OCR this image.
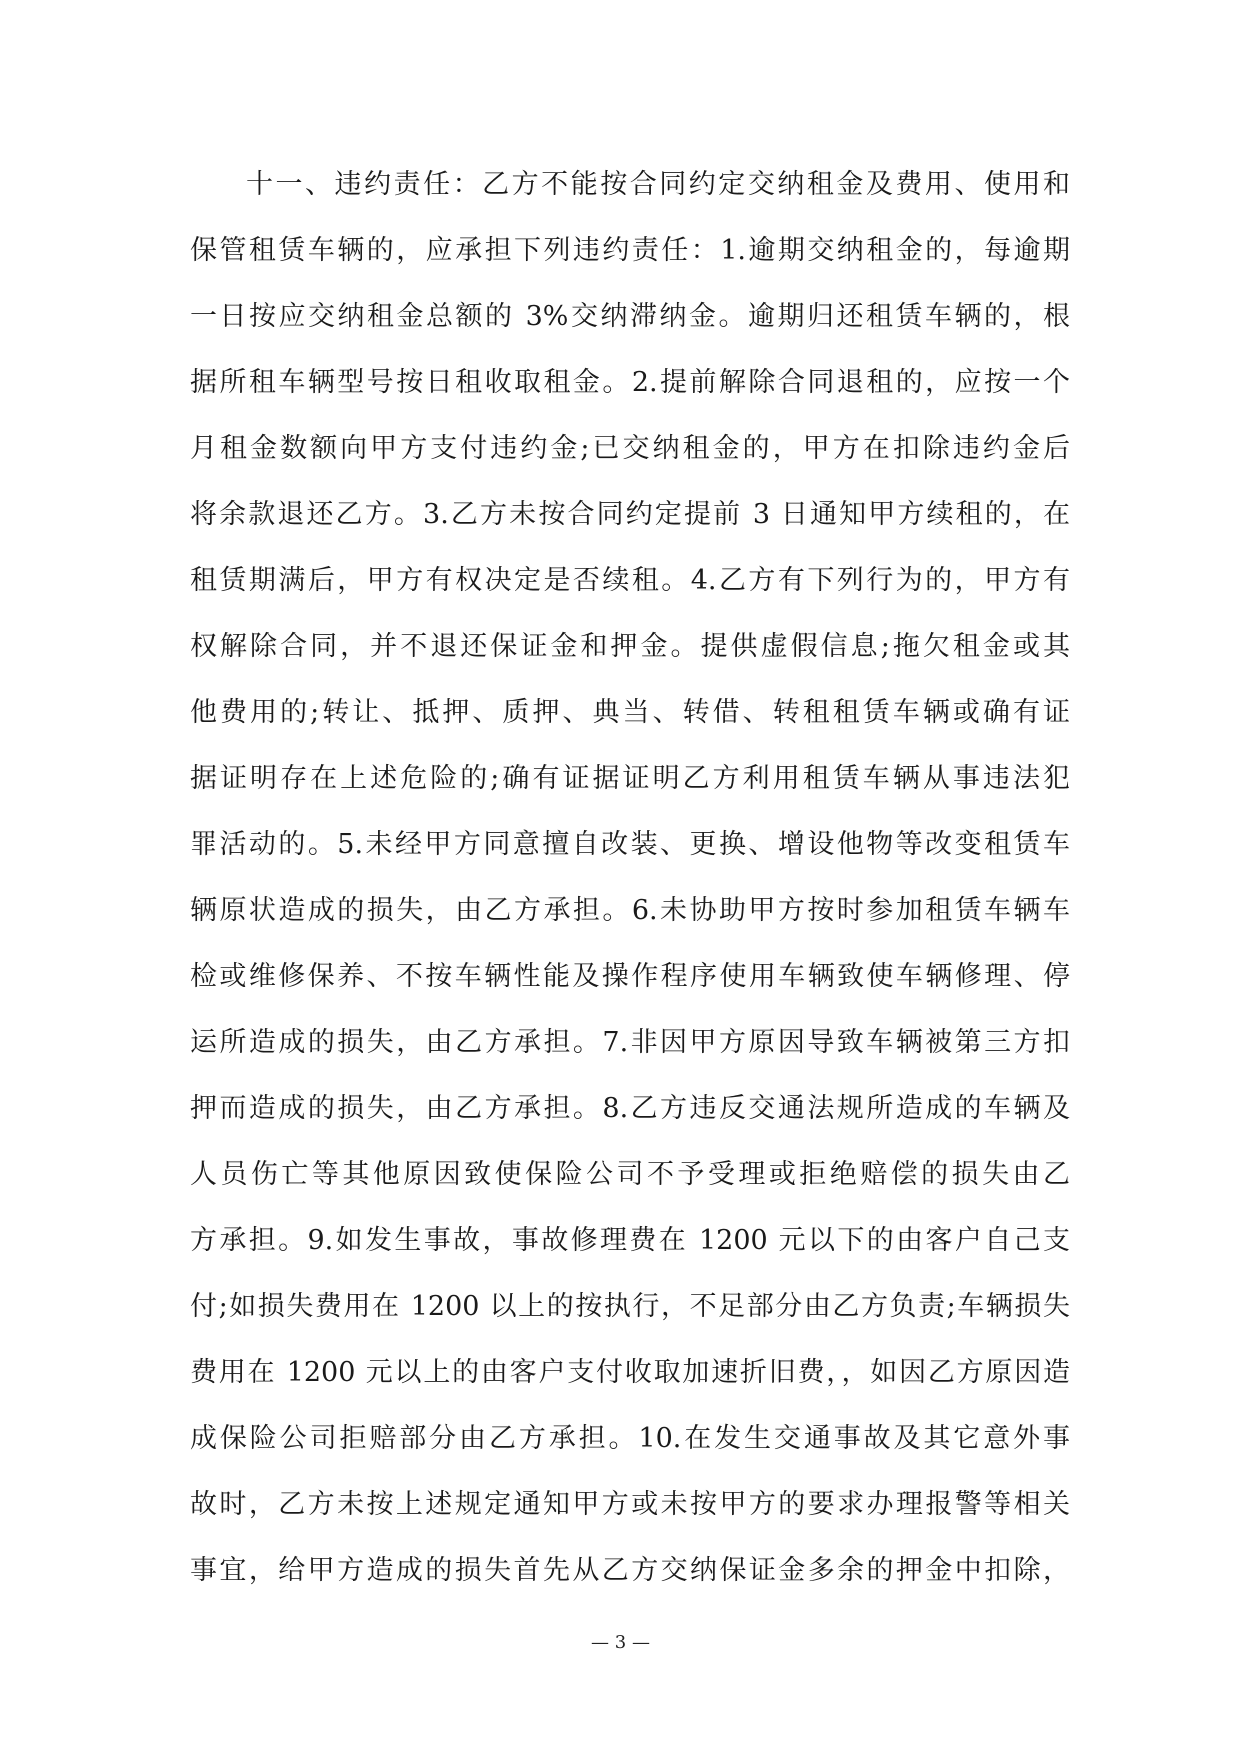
十一、违约责任：乙方不能按合同约定交纳租金及费用、使用和
保管租赁车辆的，应承担下列违约责任：1.逾期交纳租金的，每逾期
一日按应交纳租金总额的 3%交纳滞纳金。逾期归还租赁车辆的，根
据所租车辆型号按日租收取租金。2.提前解除合同退租的，应按一个
月租金数额向甲方支付违约金;已交纳租金的，甲方在扣除违约金后
将余款退还乙方。3.乙方未按合同约定提前 3 日通知甲方续租的，在
租赁期满后，甲方有权决定是否续租。4.乙方有下列行为的，甲方有
权解除合同，并不退还保证金和押金。提供虚假信息;拖欠租金或其
他费用的;转让、抵押、质押、典当、转借、转租租赁车辆或确有证
据证明存在上述危险的;确有证据证明乙方利用租赁车辆从事违法犯
罪活动的。5.未经甲方同意擅自改装、更换、增设他物等改变租赁车
辆原状造成的损失，由乙方承担。6.未协助甲方按时参加租赁车辆车
检或维修保养、不按车辆性能及操作程序使用车辆致使车辆修理、停
运所造成的损失，由乙方承担。7.非因甲方原因导致车辆被第三方扣
押而造成的损失，由乙方承担。8.乙方违反交通法规所造成的车辆及
人员伤亡等其他原因致使保险公司不予受理或拒绝赔偿的损失由乙
方承担。9.如发生事故，事故修理费在 1200 元以下的由客户自己支
付;如损失费用在 1200 以上的按执行，不足部分由乙方负责;车辆损失
费用在 1200 元以上的由客户支付收取加速折旧费，，如因乙方原因造
成保险公司拒赔部分由乙方承担。10.在发生交通事故及其它意外事
故时，乙方未按上述规定通知甲方或未按甲方的要求办理报警等相关
事宜，给甲方造成的损失首先从乙方交纳保证金多余的押金中扣除，
— 3 —
